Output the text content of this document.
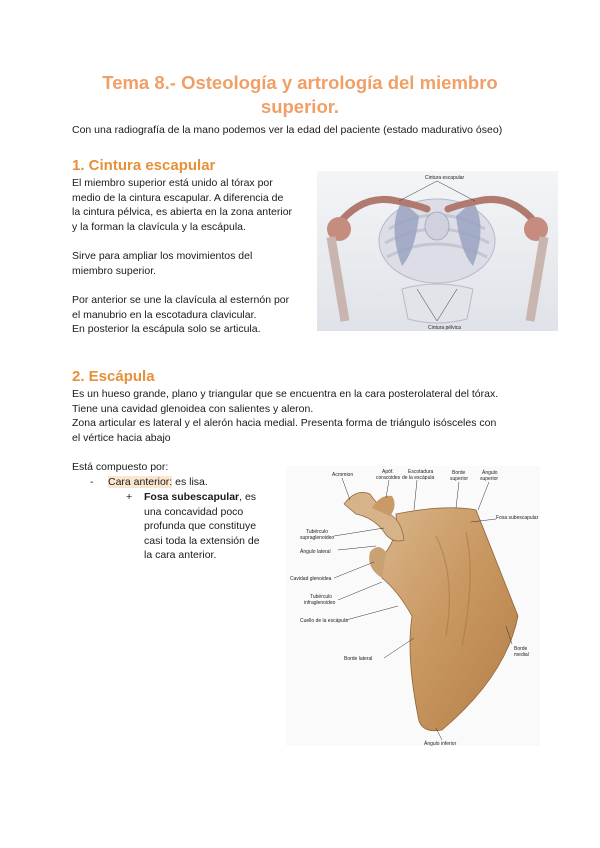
Tema 8.- Osteología y artrología del miembro superior.
Con una radiografía de la mano podemos ver la edad del paciente (estado madurativo óseo)
1. Cintura escapular
El miembro superior está unido al tórax por
medio de la cintura escapular. A diferencia de
la cintura pélvica, es abierta en la zona anterior
y la forman la clavícula y la escápula.
Sirve para ampliar los movimientos del
miembro superior.
Por anterior se une la clavícula al esternón por
el manubrio en la escotadura clavicular.
En posterior la escápula solo se articula.
Cintura escapular
Cintura pélvica
2. Escápula
Es un hueso grande, plano y triangular que se encuentra en la cara posterolateral del tórax.
Tiene una cavidad glenoidea con salientes y aleron.
Zona articular es lateral y el alerón hacia medial. Presenta forma de triángulo isósceles con
el vértice hacia abajo
Está compuesto por:
- Cara anterior: es lisa.
+ Fosa subescapular, es
una concavidad poco
profunda que constituye
casi toda la extensión de
la cara anterior.
Acromion	Apóf.
coracoides
Escotadura
de la escápula
Borde
superior
Ángulo
superior
Fosa subescapular
Tubérculo
supraglenoideo
Ángulo lateral
Cavidad glenoidea
Tubérculo
infraglenoideo
Cuello de la escápula
Borde lateral
Borde
medial
Ángulo inferior
